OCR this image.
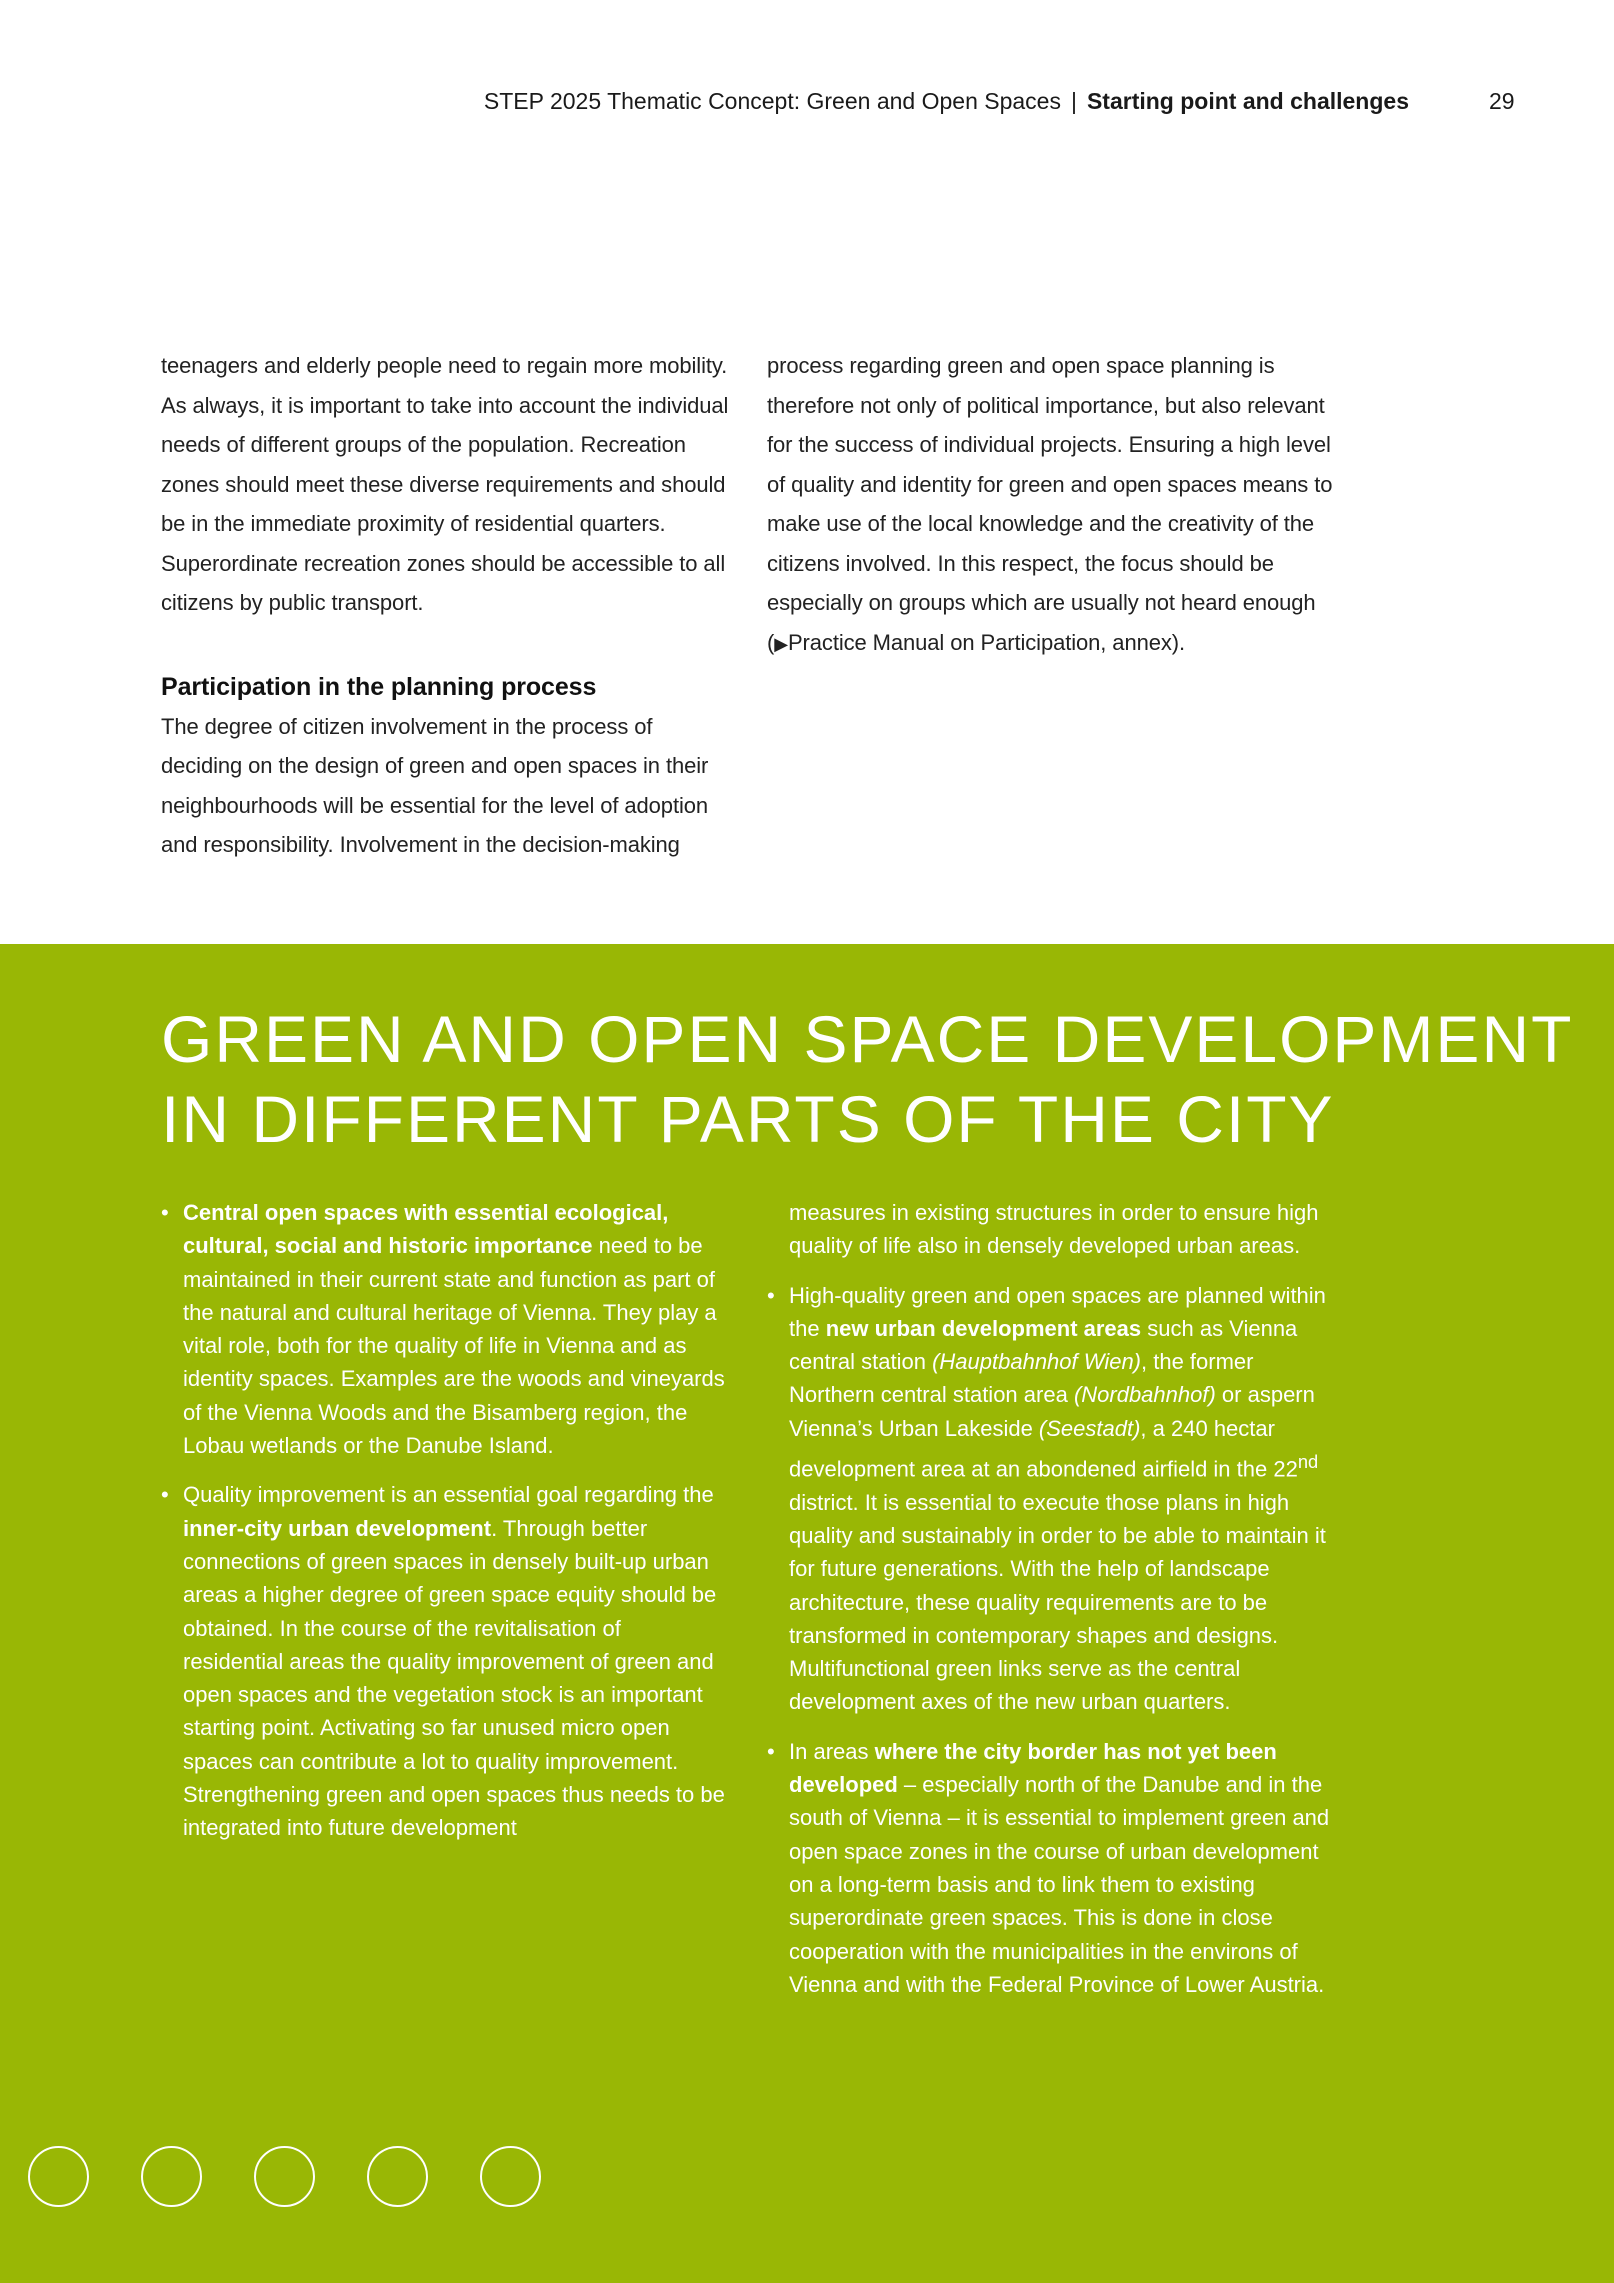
STEP 2025 Thematic Concept: Green and Open Spaces | Starting point and challenges	29

teenagers and elderly people need to regain more mobility. As always, it is important to take into account the individual needs of different groups of the population. Recreation zones should meet these diverse requirements and should be in the immediate proximity of residential quarters. Superordinate recreation zones should be accessible to all citizens by public transport.

Participation in the planning process

The degree of citizen involvement in the process of deciding on the design of green and open spaces in their neighbourhoods will be essential for the level of adoption and responsibility. Involvement in the decision-making

process regarding green and open space planning is therefore not only of political importance, but also relevant for the success of individual projects. Ensuring a high level of quality and identity for green and open spaces means to make use of the local knowledge and the creativity of the citizens involved. In this respect, the focus should be especially on groups which are usually not heard enough (▶Practice Manual on Participation, annex).

GREEN AND OPEN SPACE DEVELOPMENT
IN DIFFERENT PARTS OF THE CITY
• Central open spaces with essential ecological, cultural, social and historic importance need to be maintained in their current state and function as part of the natural and cultural heritage of Vienna. They play a vital role, both for the quality of life in Vienna and as identity spaces. Examples are the woods and vineyards of the Vienna Woods and the Bisamberg region, the Lobau wetlands or the Danube Island.
• Quality improvement is an essential goal regarding the inner-city urban development. Through better connections of green spaces in densely built-up urban areas a higher degree of green space equity should be obtained. In the course of the revitalisation of residential areas the quality improvement of green and open spaces and the vegetation stock is an important starting point. Activating so far unused micro open spaces can contribute a lot to quality improvement. Strengthening green and open spaces thus needs to be integrated into future development

measures in existing structures in order to ensure high quality of life also in densely developed urban areas.

• High-quality green and open spaces are planned within the new urban development areas such as Vienna central station (Hauptbahnhof Wien), the former Northern central station area (Nordbahnhof) or aspern Vienna’s Urban Lakeside (Seestadt), a 240 hectar development area at an abondened airfield in the 22nd district. It is essential to execute those plans in high quality and sustainably in order to be able to maintain it for future generations. With the help of landscape architecture, these quality requirements are to be transformed in contemporary shapes and designs. Multifunctional green links serve as the central development axes of the new urban quarters.
• In areas where the city border has not yet been developed – especially north of the Danube and in the south of Vienna – it is essential to implement green and open space zones in the course of urban development on a long-term basis and to link them to existing superordinate green spaces. This is done in close cooperation with the municipalities in the environs of Vienna and with the Federal Province of Lower Austria.
